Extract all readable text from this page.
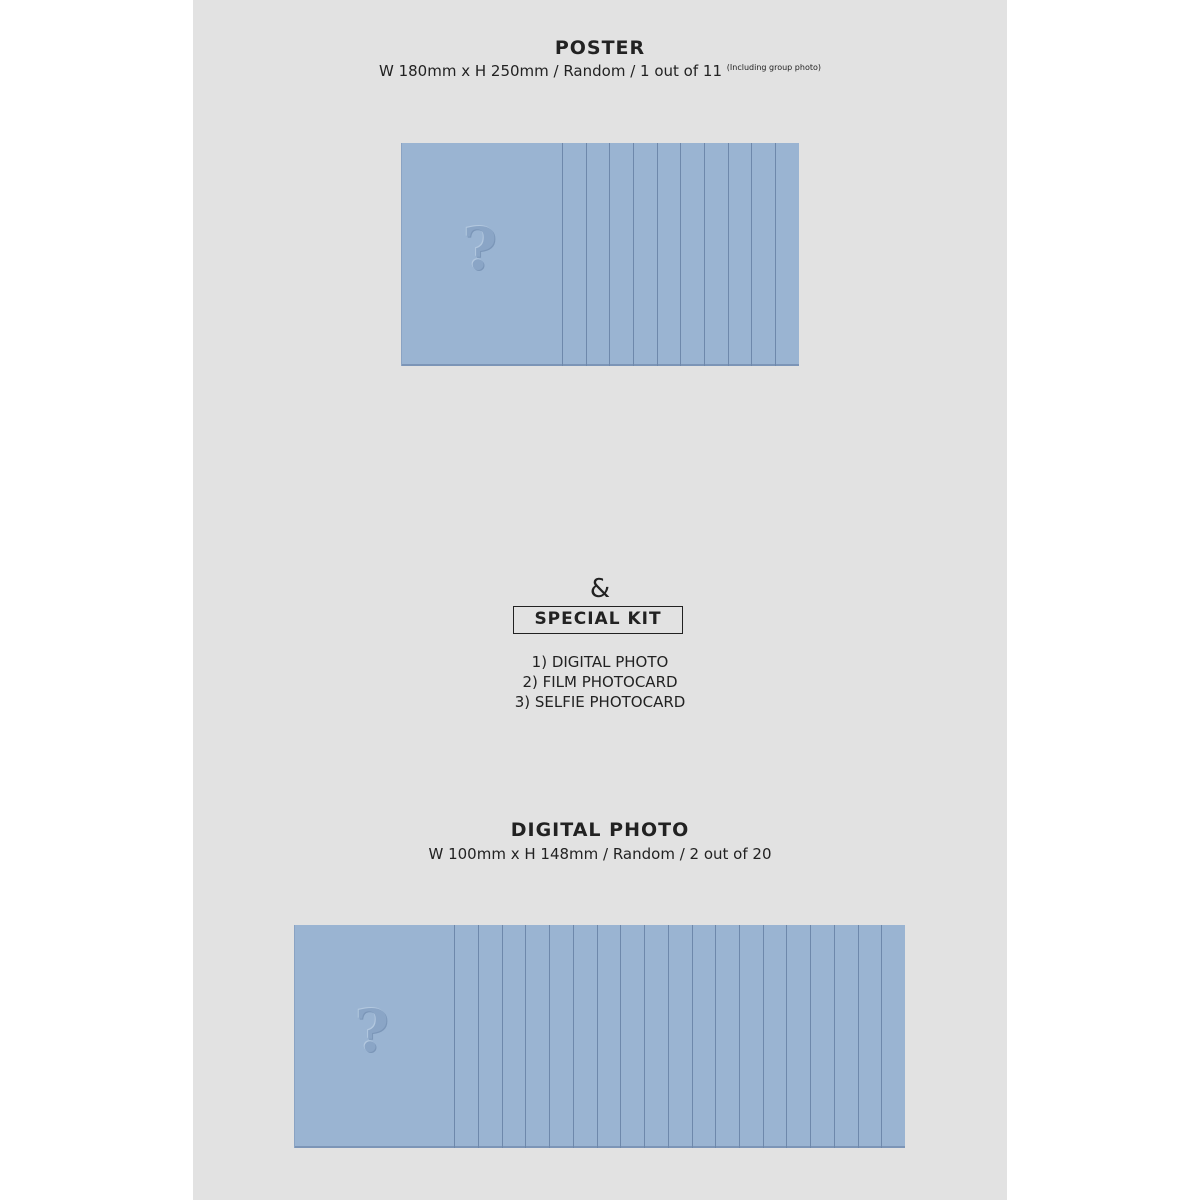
POSTER
W 180mm x H 250mm / Random / 1 out of 11 $^{(Including group photo)}$
?
&
SPECIAL KIT
1) DIGITAL PHOTO
2) FILM PHOTOCARD
3) SELFIE PHOTOCARD
DIGITAL PHOTO
W 100mm x H 148mm / Random / 2 out of 20
?
